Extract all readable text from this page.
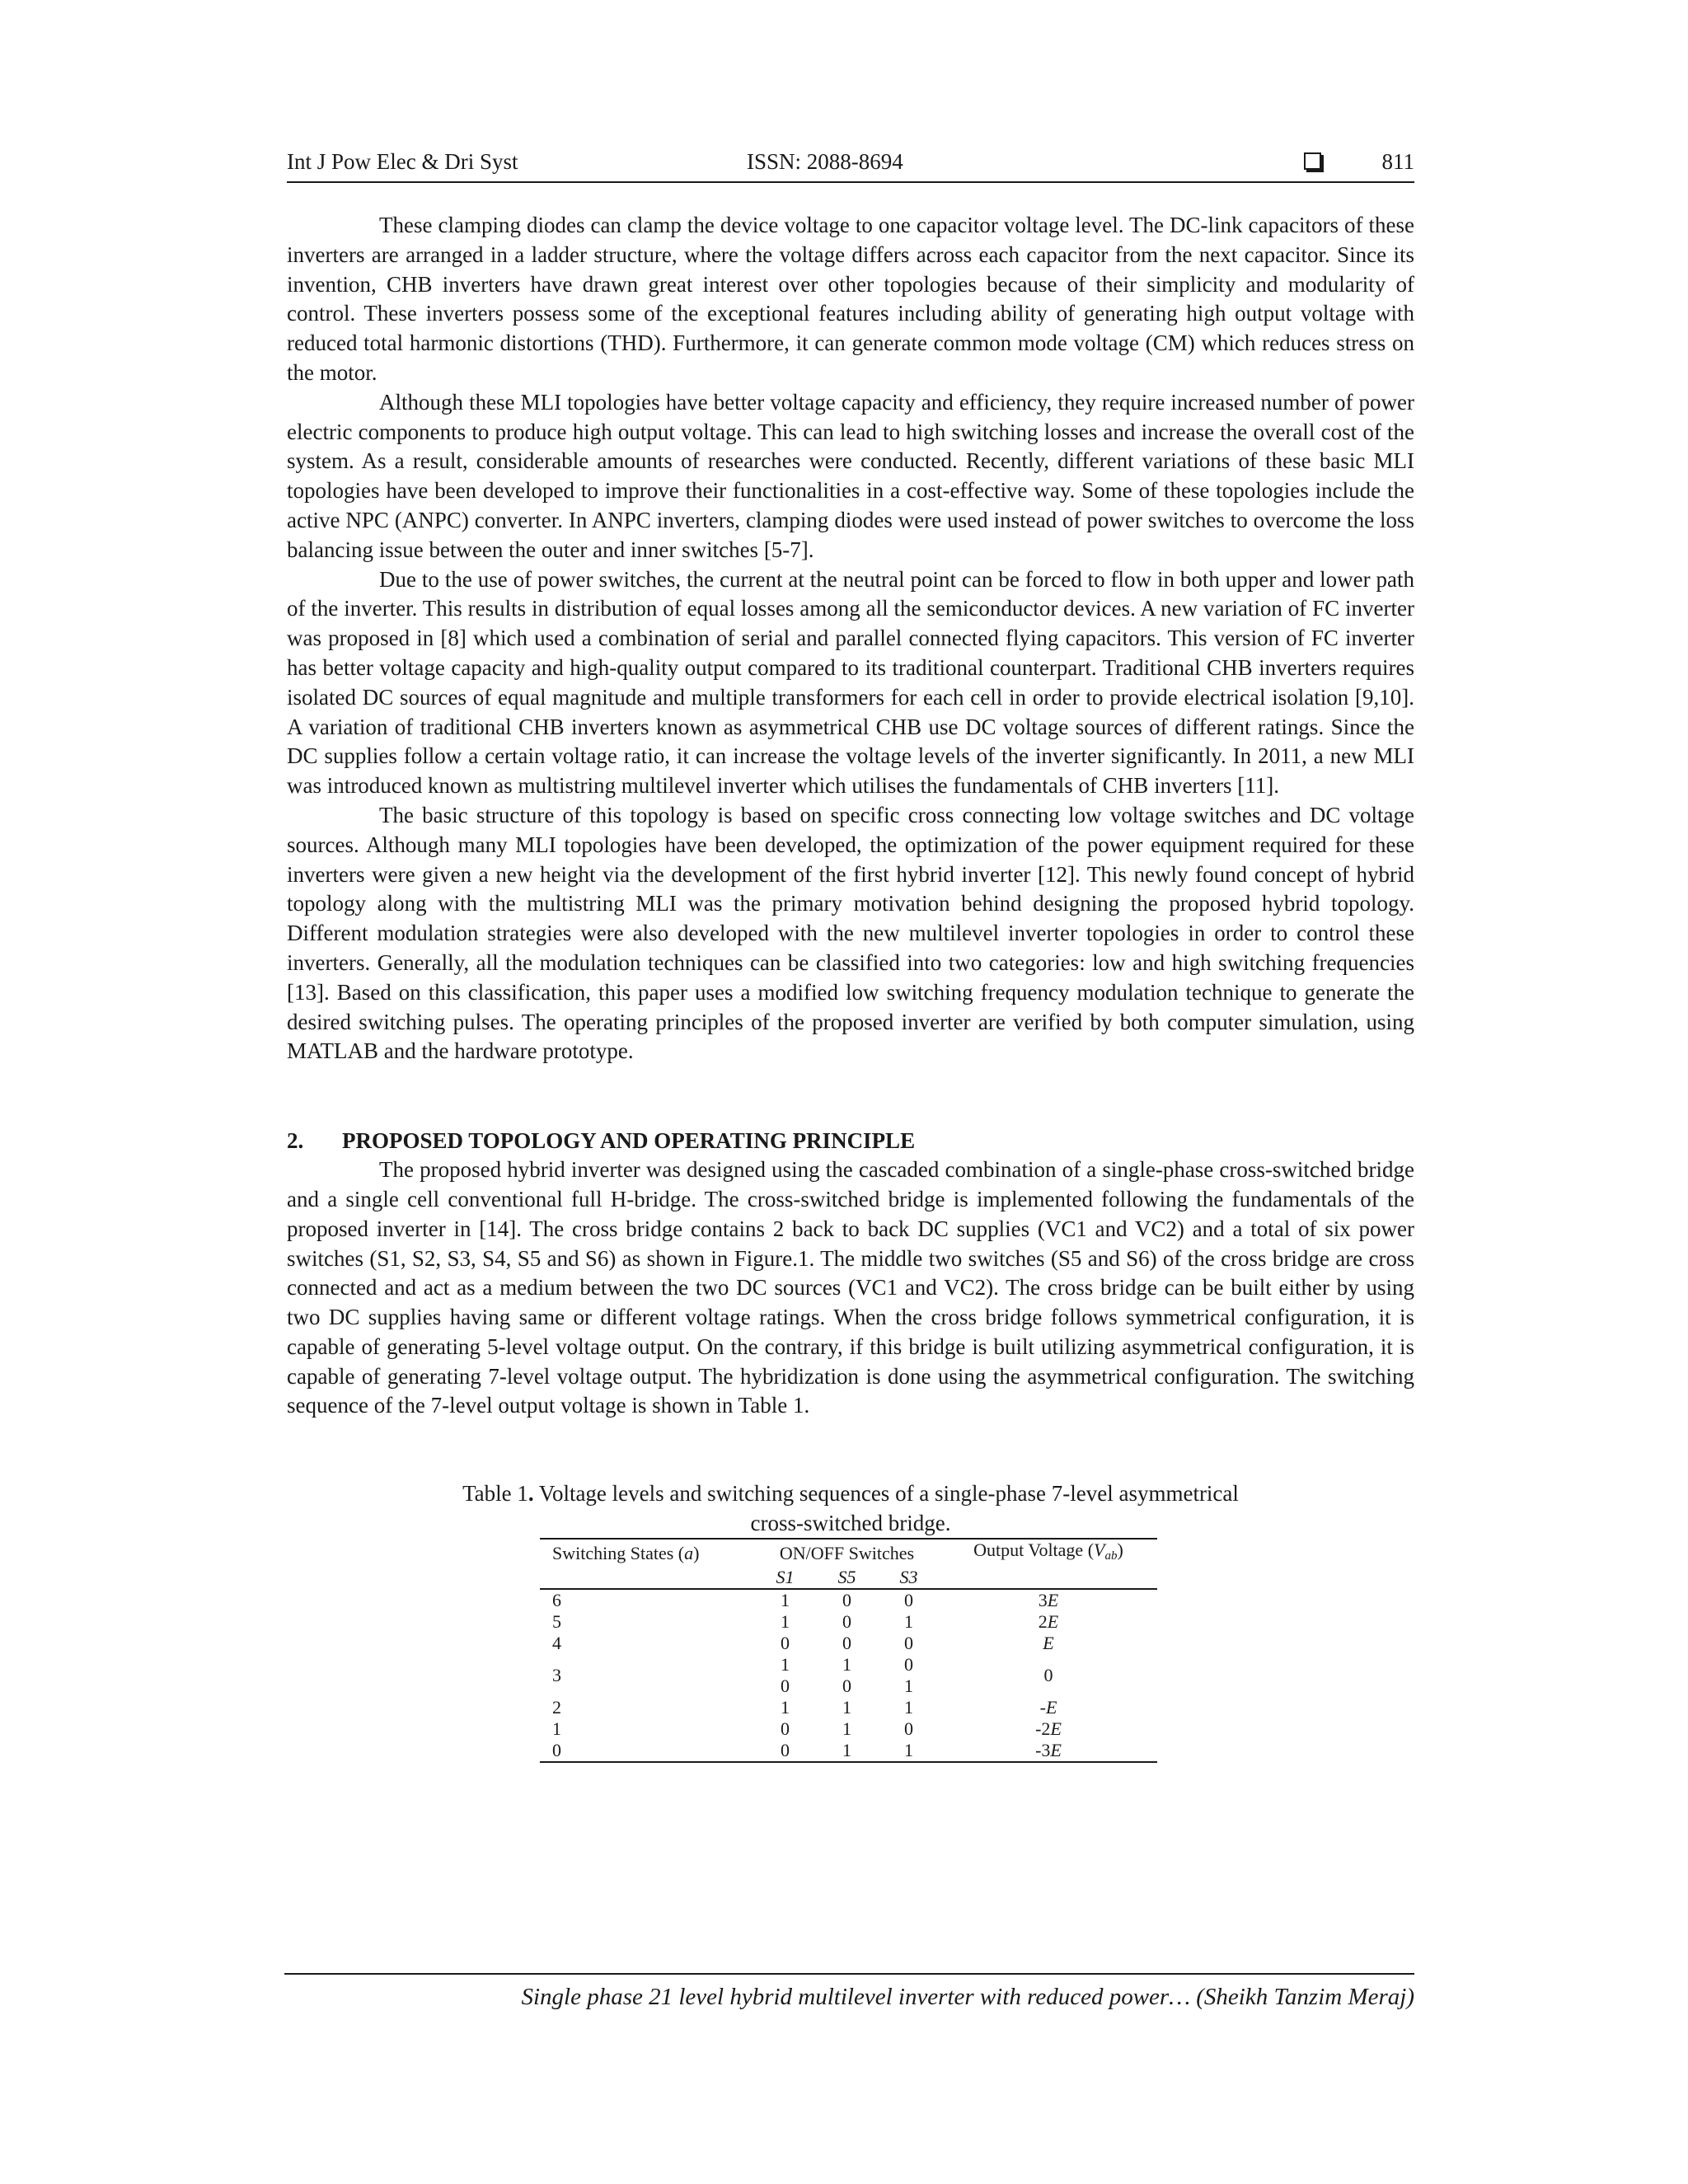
Int J Pow Elec & Dri Syst	ISSN: 2088-8694	811

These clamping diodes can clamp the device voltage to one capacitor voltage level. The DC-link capacitors of these inverters are arranged in a ladder structure, where the voltage differs across each capacitor from the next capacitor. Since its invention, CHB inverters have drawn great interest over other topologies because of their simplicity and modularity of control. These inverters possess some of the exceptional features including ability of generating high output voltage with reduced total harmonic distortions (THD). Furthermore, it can generate common mode voltage (CM) which reduces stress on the motor.

Although these MLI topologies have better voltage capacity and efficiency, they require increased number of power electric components to produce high output voltage. This can lead to high switching losses and increase the overall cost of the system. As a result, considerable amounts of researches were conducted. Recently, different variations of these basic MLI topologies have been developed to improve their functionalities in a cost-effective way. Some of these topologies include the active NPC (ANPC) converter. In ANPC inverters, clamping diodes were used instead of power switches to overcome the loss balancing issue between the outer and inner switches [5-7].

Due to the use of power switches, the current at the neutral point can be forced to flow in both upper and lower path of the inverter. This results in distribution of equal losses among all the semiconductor devices. A new variation of FC inverter was proposed in [8] which used a combination of serial and parallel connected flying capacitors. This version of FC inverter has better voltage capacity and high-quality output compared to its traditional counterpart. Traditional CHB inverters requires isolated DC sources of equal magnitude and multiple transformers for each cell in order to provide electrical isolation [9,10]. A variation of traditional CHB inverters known as asymmetrical CHB use DC voltage sources of different ratings. Since the DC supplies follow a certain voltage ratio, it can increase the voltage levels of the inverter significantly. In 2011, a new MLI was introduced known as multistring multilevel inverter which utilises the fundamentals of CHB inverters [11].

The basic structure of this topology is based on specific cross connecting low voltage switches and DC voltage sources. Although many MLI topologies have been developed, the optimization of the power equipment required for these inverters were given a new height via the development of the first hybrid inverter [12]. This newly found concept of hybrid topology along with the multistring MLI was the primary motivation behind designing the proposed hybrid topology. Different modulation strategies were also developed with the new multilevel inverter topologies in order to control these inverters. Generally, all the modulation techniques can be classified into two categories: low and high switching frequencies [13]. Based on this classification, this paper uses a modified low switching frequency modulation technique to generate the desired switching pulses. The operating principles of the proposed inverter are verified by both computer simulation, using MATLAB and the hardware prototype.

2. PROPOSED TOPOLOGY AND OPERATING PRINCIPLE

The proposed hybrid inverter was designed using the cascaded combination of a single-phase cross-switched bridge and a single cell conventional full H-bridge. The cross-switched bridge is implemented following the fundamentals of the proposed inverter in [14]. The cross bridge contains 2 back to back DC supplies (VC1 and VC2) and a total of six power switches (S1, S2, S3, S4, S5 and S6) as shown in Figure.1. The middle two switches (S5 and S6) of the cross bridge are cross connected and act as a medium between the two DC sources (VC1 and VC2). The cross bridge can be built either by using two DC supplies having same or different voltage ratings. When the cross bridge follows symmetrical configuration, it is capable of generating 5-level voltage output. On the contrary, if this bridge is built utilizing asymmetrical configuration, it is capable of generating 7-level voltage output. The hybridization is done using the asymmetrical configuration. The switching sequence of the 7-level output voltage is shown in Table 1.

Table 1. Voltage levels and switching sequences of a single-phase 7-level asymmetrical cross-switched bridge.
Switching States (a)	ON/OFF Switches			Output Voltage (Vab)
	S1	S5	S3	
6	1	0	0	3E
5	1	0	1	2E
4	0	0	0	E
3	1	1	0	0
	0	0	1	
2	1	1	1	-E
1	0	1	0	-2E
0	0	1	1	-3E
Single phase 21 level hybrid multilevel inverter with reduced power… (Sheikh Tanzim Meraj)
